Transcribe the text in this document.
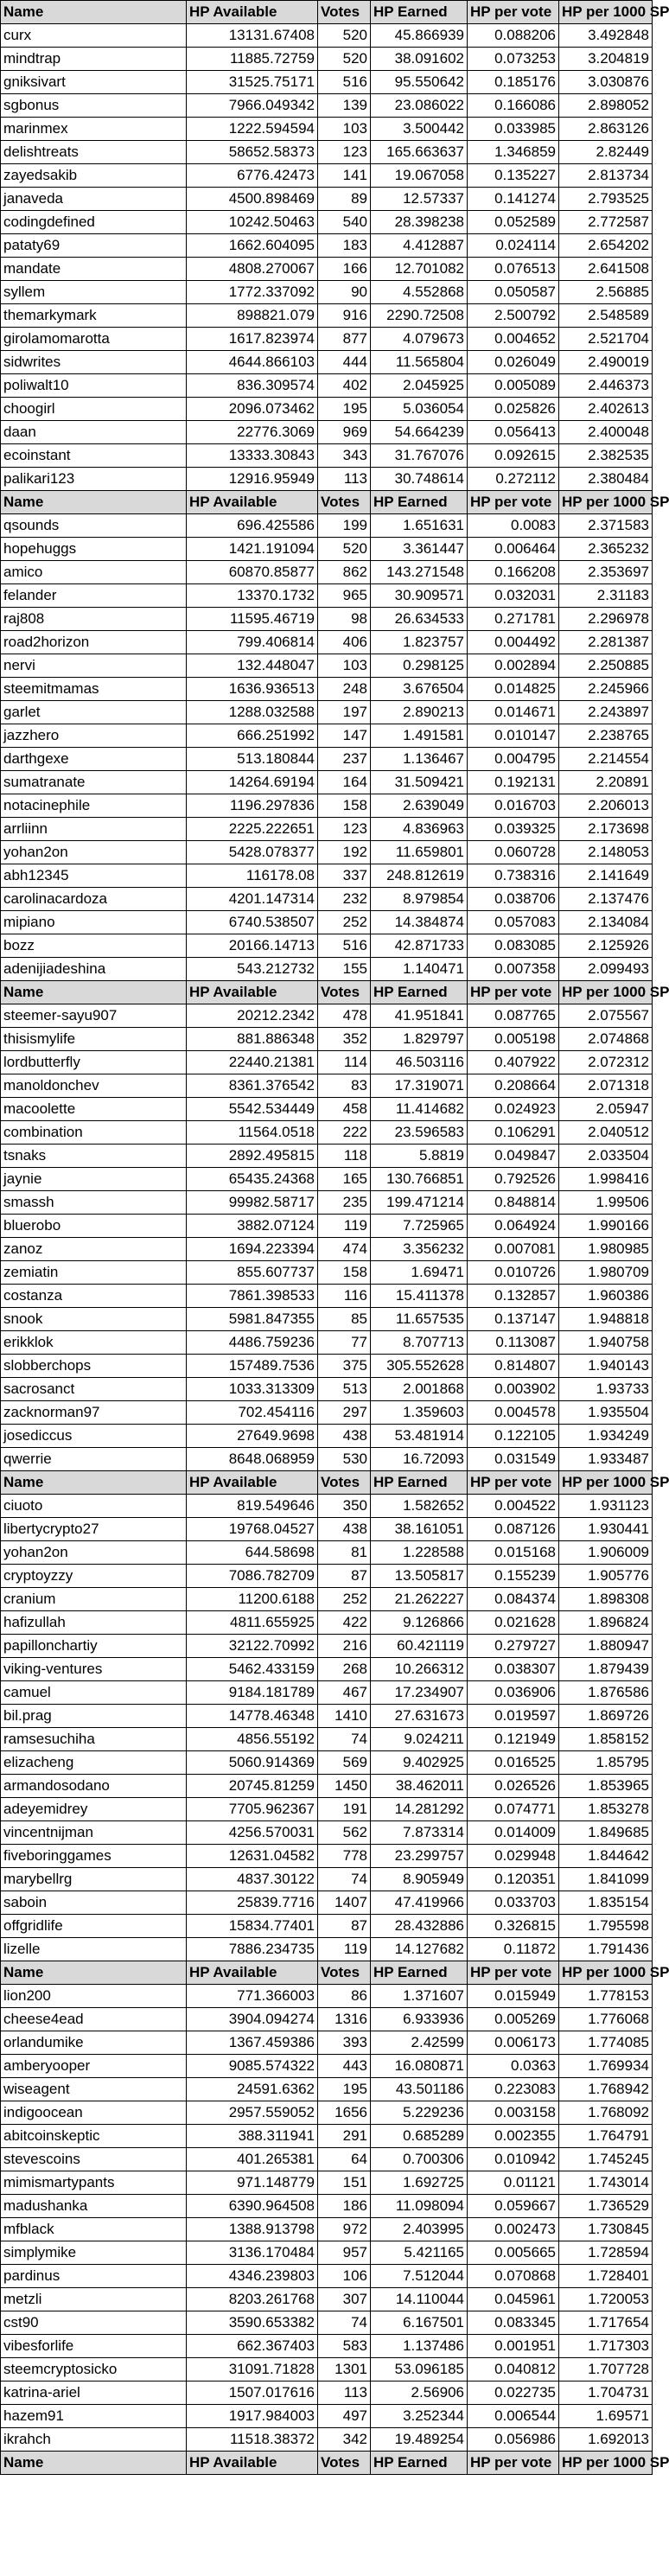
Name	HP Available	Votes	HP Earned	HP per vote	HP per 1000 SP
curx	13131.67408	520	45.866939	0.088206	3.492848
mindtrap	11885.72759	520	38.091602	0.073253	3.204819
gniksivart	31525.75171	516	95.550642	0.185176	3.030876
sgbonus	7966.049342	139	23.086022	0.166086	2.898052
marinmex	1222.594594	103	3.500442	0.033985	2.863126
delishtreats	58652.58373	123	165.663637	1.346859	2.82449
zayedsakib	6776.42473	141	19.067058	0.135227	2.813734
janaveda	4500.898469	89	12.57337	0.141274	2.793525
codingdefined	10242.50463	540	28.398238	0.052589	2.772587
pataty69	1662.604095	183	4.412887	0.024114	2.654202
mandate	4808.270067	166	12.701082	0.076513	2.641508
syllem	1772.337092	90	4.552868	0.050587	2.56885
themarkymark	898821.079	916	2290.72508	2.500792	2.548589
girolamomarotta	1617.823974	877	4.079673	0.004652	2.521704
sidwrites	4644.866103	444	11.565804	0.026049	2.490019
poliwalt10	836.309574	402	2.045925	0.005089	2.446373
choogirl	2096.073462	195	5.036054	0.025826	2.402613
daan	22776.3069	969	54.664239	0.056413	2.400048
ecoinstant	13333.30843	343	31.767076	0.092615	2.382535
palikari123	12916.95949	113	30.748614	0.272112	2.380484
Name	HP Available	Votes	HP Earned	HP per vote	HP per 1000 SP
qsounds	696.425586	199	1.651631	0.0083	2.371583
hopehuggs	1421.191094	520	3.361447	0.006464	2.365232
amico	60870.85877	862	143.271548	0.166208	2.353697
felander	13370.1732	965	30.909571	0.032031	2.31183
raj808	11595.46719	98	26.634533	0.271781	2.296978
road2horizon	799.406814	406	1.823757	0.004492	2.281387
nervi	132.448047	103	0.298125	0.002894	2.250885
steemitmamas	1636.936513	248	3.676504	0.014825	2.245966
garlet	1288.032588	197	2.890213	0.014671	2.243897
jazzhero	666.251992	147	1.491581	0.010147	2.238765
darthgexe	513.180844	237	1.136467	0.004795	2.214554
sumatranate	14264.69194	164	31.509421	0.192131	2.20891
notacinephile	1196.297836	158	2.639049	0.016703	2.206013
arrliinn	2225.222651	123	4.836963	0.039325	2.173698
yohan2on	5428.078377	192	11.659801	0.060728	2.148053
abh12345	116178.08	337	248.812619	0.738316	2.141649
carolinacardoza	4201.147314	232	8.979854	0.038706	2.137476
mipiano	6740.538507	252	14.384874	0.057083	2.134084
bozz	20166.14713	516	42.871733	0.083085	2.125926
adenijiadeshina	543.212732	155	1.140471	0.007358	2.099493
Name	HP Available	Votes	HP Earned	HP per vote	HP per 1000 SP
steemer-sayu907	20212.2342	478	41.951841	0.087765	2.075567
thisismylife	881.886348	352	1.829797	0.005198	2.074868
lordbutterfly	22440.21381	114	46.503116	0.407922	2.072312
manoldonchev	8361.376542	83	17.319071	0.208664	2.071318
macoolette	5542.534449	458	11.414682	0.024923	2.05947
combination	11564.0518	222	23.596583	0.106291	2.040512
tsnaks	2892.495815	118	5.8819	0.049847	2.033504
jaynie	65435.24368	165	130.766851	0.792526	1.998416
smassh	99982.58717	235	199.471214	0.848814	1.99506
bluerobo	3882.07124	119	7.725965	0.064924	1.990166
zanoz	1694.223394	474	3.356232	0.007081	1.980985
zemiatin	855.607737	158	1.69471	0.010726	1.980709
costanza	7861.398533	116	15.411378	0.132857	1.960386
snook	5981.847355	85	11.657535	0.137147	1.948818
erikklok	4486.759236	77	8.707713	0.113087	1.940758
slobberchops	157489.7536	375	305.552628	0.814807	1.940143
sacrosanct	1033.313309	513	2.001868	0.003902	1.93733
zacknorman97	702.454116	297	1.359603	0.004578	1.935504
josediccus	27649.9698	438	53.481914	0.122105	1.934249
qwerrie	8648.068959	530	16.72093	0.031549	1.933487
Name	HP Available	Votes	HP Earned	HP per vote	HP per 1000 SP
ciuoto	819.549646	350	1.582652	0.004522	1.931123
libertycrypto27	19768.04527	438	38.161051	0.087126	1.930441
yohan2on	644.58698	81	1.228588	0.015168	1.906009
cryptoyzzy	7086.782709	87	13.505817	0.155239	1.905776
cranium	11200.6188	252	21.262227	0.084374	1.898308
hafizullah	4811.655925	422	9.126866	0.021628	1.896824
papillonchartiy	32122.70992	216	60.421119	0.279727	1.880947
viking-ventures	5462.433159	268	10.266312	0.038307	1.879439
camuel	9184.181789	467	17.234907	0.036906	1.876586
bil.prag	14778.46348	1410	27.631673	0.019597	1.869726
ramsesuchiha	4856.55192	74	9.024211	0.121949	1.858152
elizacheng	5060.914369	569	9.402925	0.016525	1.85795
armandosodano	20745.81259	1450	38.462011	0.026526	1.853965
adeyemidrey	7705.962367	191	14.281292	0.074771	1.853278
vincentnijman	4256.570031	562	7.873314	0.014009	1.849685
fiveboringgames	12631.04582	778	23.299757	0.029948	1.844642
marybellrg	4837.30122	74	8.905949	0.120351	1.841099
saboin	25839.7716	1407	47.419966	0.033703	1.835154
offgridlife	15834.77401	87	28.432886	0.326815	1.795598
lizelle	7886.234735	119	14.127682	0.11872	1.791436
Name	HP Available	Votes	HP Earned	HP per vote	HP per 1000 SP
lion200	771.366003	86	1.371607	0.015949	1.778153
cheese4ead	3904.094274	1316	6.933936	0.005269	1.776068
orlandumike	1367.459386	393	2.42599	0.006173	1.774085
amberyooper	9085.574322	443	16.080871	0.0363	1.769934
wiseagent	24591.6362	195	43.501186	0.223083	1.768942
indigoocean	2957.559052	1656	5.229236	0.003158	1.768092
abitcoinskeptic	388.311941	291	0.685289	0.002355	1.764791
stevescoins	401.265381	64	0.700306	0.010942	1.745245
mimismartypants	971.148779	151	1.692725	0.01121	1.743014
madushanka	6390.964508	186	11.098094	0.059667	1.736529
mfblack	1388.913798	972	2.403995	0.002473	1.730845
simplymike	3136.170484	957	5.421165	0.005665	1.728594
pardinus	4346.239803	106	7.512044	0.070868	1.728401
metzli	8203.261768	307	14.110044	0.045961	1.720053
cst90	3590.653382	74	6.167501	0.083345	1.717654
vibesforlife	662.367403	583	1.137486	0.001951	1.717303
steemcryptosicko	31091.71828	1301	53.096185	0.040812	1.707728
katrina-ariel	1507.017616	113	2.56906	0.022735	1.704731
hazem91	1917.984003	497	3.252344	0.006544	1.69571
ikrahch	11518.38372	342	19.489254	0.056986	1.692013
Name	HP Available	Votes	HP Earned	HP per vote	HP per 1000 SP
